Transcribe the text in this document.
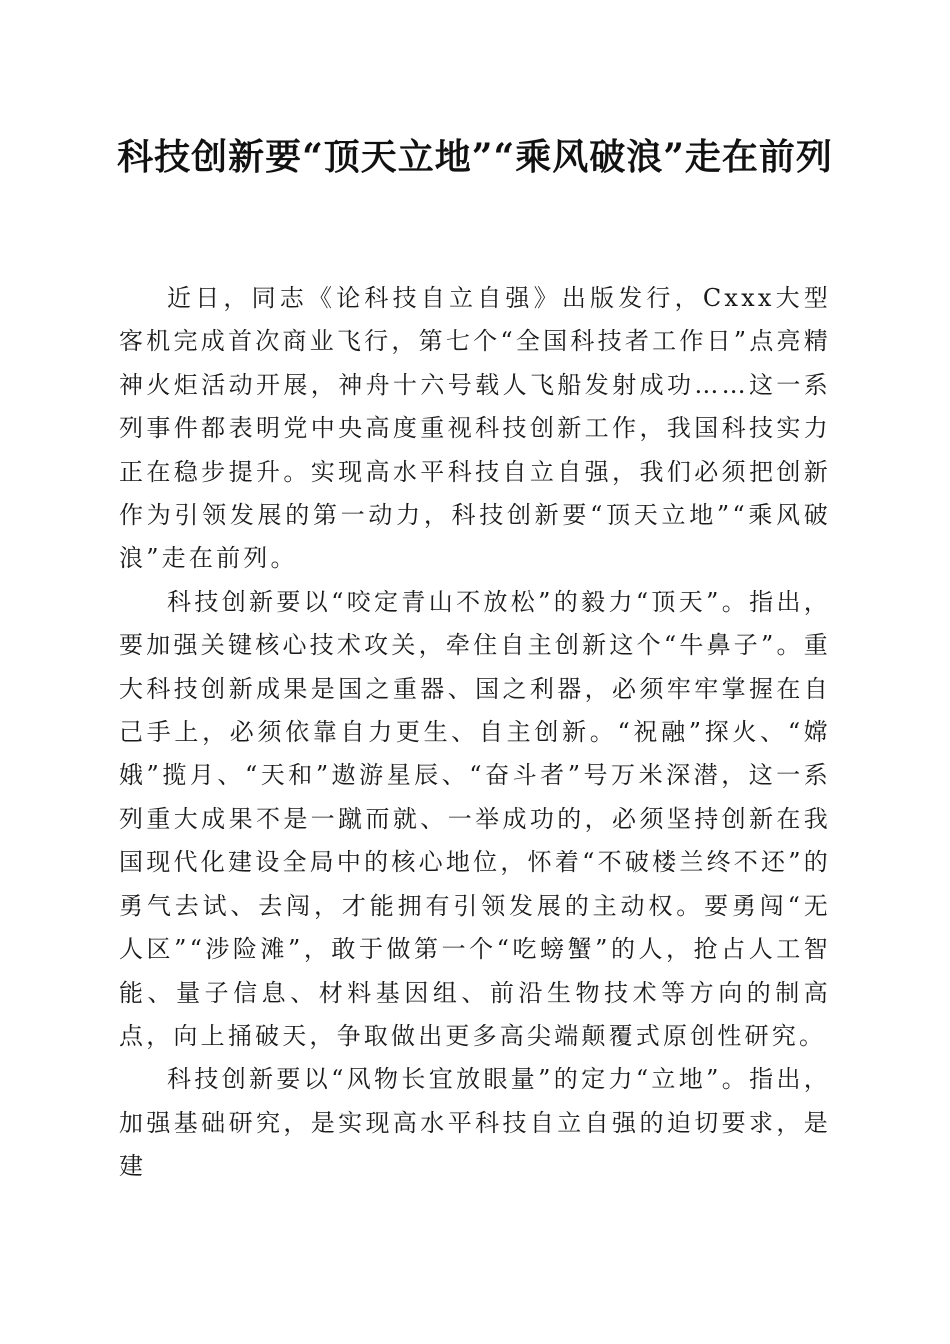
科技创新要“顶天立地”“乘风破浪”走在前列

近日，同志《论科技自立自强》出版发行，Cxxx大型客机完成首次商业飞行，第七个“全国科技者工作日”点亮精神火炬活动开展，神舟十六号载人飞船发射成功……这一系列事件都表明党中央高度重视科技创新工作，我国科技实力正在稳步提升。实现高水平科技自立自强，我们必须把创新作为引领发展的第一动力，科技创新要“顶天立地”“乘风破浪”走在前列。

科技创新要以“咬定青山不放松”的毅力“顶天”。指出，要加强关键核心技术攻关，牵住自主创新这个“牛鼻子”。重大科技创新成果是国之重器、国之利器，必须牢牢掌握在自己手上，必须依靠自力更生、自主创新。“祝融”探火、“嫦娥”揽月、“天和”遨游星辰、“奋斗者”号万米深潜，这一系列重大成果不是一蹴而就、一举成功的，必须坚持创新在我国现代化建设全局中的核心地位，怀着“不破楼兰终不还”的勇气去试、去闯，才能拥有引领发展的主动权。要勇闯“无人区”“涉险滩”，敢于做第一个“吃螃蟹”的人，抢占人工智能、量子信息、材料基因组、前沿生物技术等方向的制高点，向上捅破天，争取做出更多高尖端颠覆式原创性研究。

科技创新要以“风物长宜放眼量”的定力“立地”。指出，加强基础研究，是实现高水平科技自立自强的迫切要求，是建
